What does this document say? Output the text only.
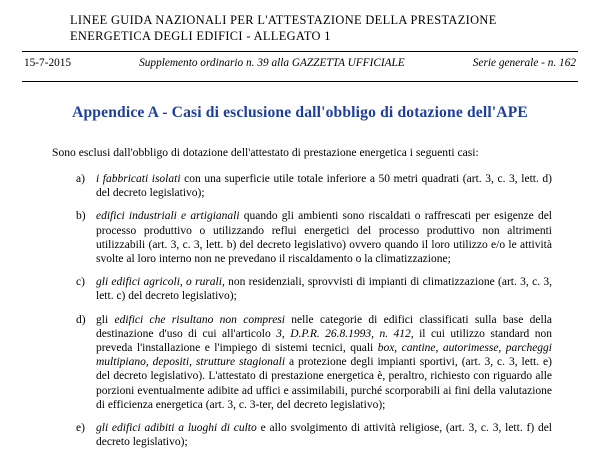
LINEE GUIDA NAZIONALI PER L'ATTESTAZIONE DELLA PRESTAZIONE
ENERGETICA DEGLI EDIFICI - ALLEGATO 1
15-7-2015	Supplemento ordinario n. 39 alla GAZZETTA UFFICIALE	Serie generale - n. 162
Appendice A - Casi di esclusione dall'obbligo di dotazione dell'APE

Sono esclusi dall'obbligo di dotazione dell'attestato di prestazione energetica i seguenti casi:

a) i fabbricati isolati con una superficie utile totale inferiore a 50 metri quadrati (art. 3, c. 3, lett. d) del decreto legislativo);
b) edifici industriali e artigianali quando gli ambienti sono riscaldati o raffrescati per esigenze del processo produttivo o utilizzando reflui energetici del processo produttivo non altrimenti utilizzabili (art. 3, c. 3, lett. b) del decreto legislativo) ovvero quando il loro utilizzo e/o le attività svolte al loro interno non ne prevedano il riscaldamento o la climatizzazione;
c) gli edifici agricoli, o rurali, non residenziali, sprovvisti di impianti di climatizzazione (art. 3, c. 3, lett. c) del decreto legislativo);
d) gli edifici che risultano non compresi nelle categorie di edifici classificati sulla base della destinazione d'uso di cui all'articolo 3, D.P.R. 26.8.1993, n. 412, il cui utilizzo standard non preveda l'installazione e l'impiego di sistemi tecnici, quali box, cantine, autorimesse, parcheggi multipiano, depositi, strutture stagionali a protezione degli impianti sportivi, (art. 3, c. 3, lett. e) del decreto legislativo). L'attestato di prestazione energetica è, peraltro, richiesto con riguardo alle porzioni eventualmente adibite ad uffici e assimilabili, purché scorporabili ai fini della valutazione di efficienza energetica (art. 3, c. 3-ter, del decreto legislativo);
e) gli edifici adibiti a luoghi di culto e allo svolgimento di attività religiose, (art. 3, c. 3, lett. f) del decreto legislativo);
